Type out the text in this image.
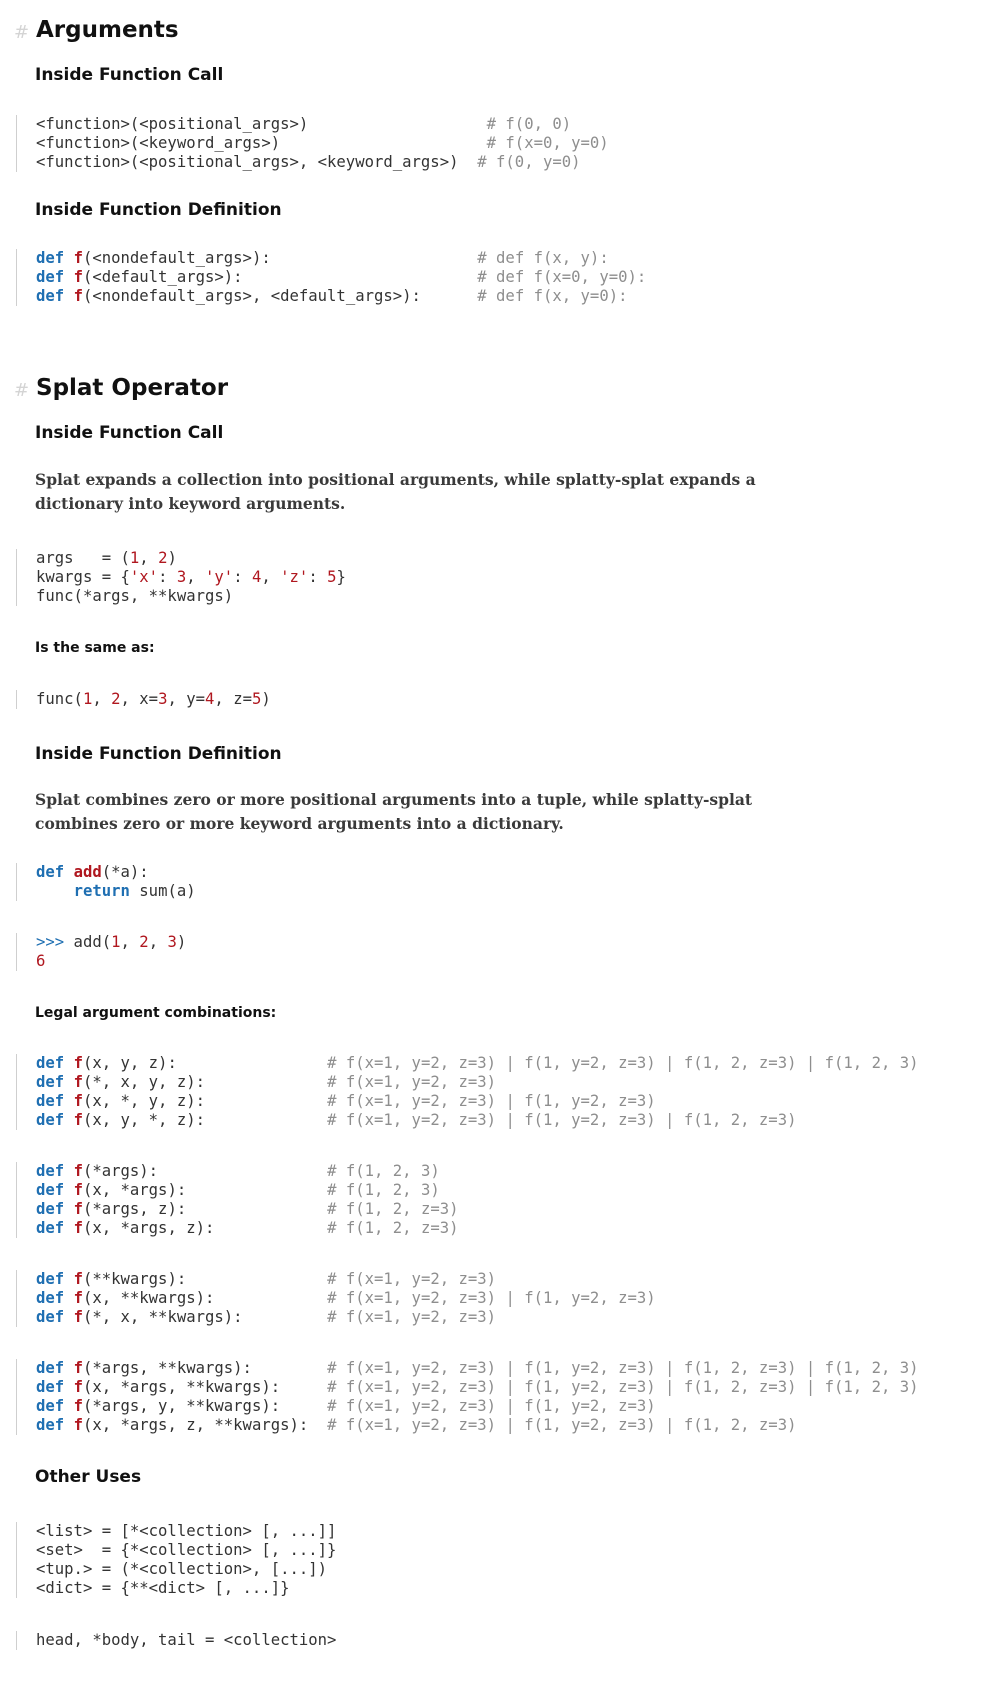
# Arguments
Inside Function Call
<function>(<positional_args>)                   # f(0, 0)
<function>(<keyword_args>)                      # f(x=0, y=0)
<function>(<positional_args>, <keyword_args>)  # f(0, y=0)
Inside Function Definition
def f(<nondefault_args>):                      # def f(x, y):
def f(<default_args>):                         # def f(x=0, y=0):
def f(<nondefault_args>, <default_args>):      # def f(x, y=0):
# Splat Operator
Inside Function Call
Splat expands a collection into positional arguments, while splatty-splat expands a dictionary into keyword arguments.
args   = (1, 2)
kwargs = {'x': 3, 'y': 4, 'z': 5}
func(*args, **kwargs)
Is the same as:
func(1, 2, x=3, y=4, z=5)
Inside Function Definition
Splat combines zero or more positional arguments into a tuple, while splatty-splat combines zero or more keyword arguments into a dictionary.
def add(*a):
return sum(a)
>>> add(1, 2, 3)
6
Legal argument combinations:
def f(x, y, z):                # f(x=1, y=2, z=3) | f(1, y=2, z=3) | f(1, 2, z=3) | f(1, 2, 3)
def f(*, x, y, z):             # f(x=1, y=2, z=3)
def f(x, *, y, z):             # f(x=1, y=2, z=3) | f(1, y=2, z=3)
def f(x, y, *, z):             # f(x=1, y=2, z=3) | f(1, y=2, z=3) | f(1, 2, z=3)
def f(*args):                  # f(1, 2, 3)
def f(x, *args):               # f(1, 2, 3)
def f(*args, z):               # f(1, 2, z=3)
def f(x, *args, z):            # f(1, 2, z=3)
def f(**kwargs):               # f(x=1, y=2, z=3)
def f(x, **kwargs):            # f(x=1, y=2, z=3) | f(1, y=2, z=3)
def f(*, x, **kwargs):         # f(x=1, y=2, z=3)
def f(*args, **kwargs):        # f(x=1, y=2, z=3) | f(1, y=2, z=3) | f(1, 2, z=3) | f(1, 2, 3)
def f(x, *args, **kwargs):     # f(x=1, y=2, z=3) | f(1, y=2, z=3) | f(1, 2, z=3) | f(1, 2, 3)
def f(*args, y, **kwargs):     # f(x=1, y=2, z=3) | f(1, y=2, z=3)
def f(x, *args, z, **kwargs):  # f(x=1, y=2, z=3) | f(1, y=2, z=3) | f(1, 2, z=3)
Other Uses
<list> = [*<collection> [, ...]]
<set>  = {*<collection> [, ...]}
<tup.> = (*<collection>, [...])
<dict> = {**<dict> [, ...]}
head, *body, tail = <collection>
